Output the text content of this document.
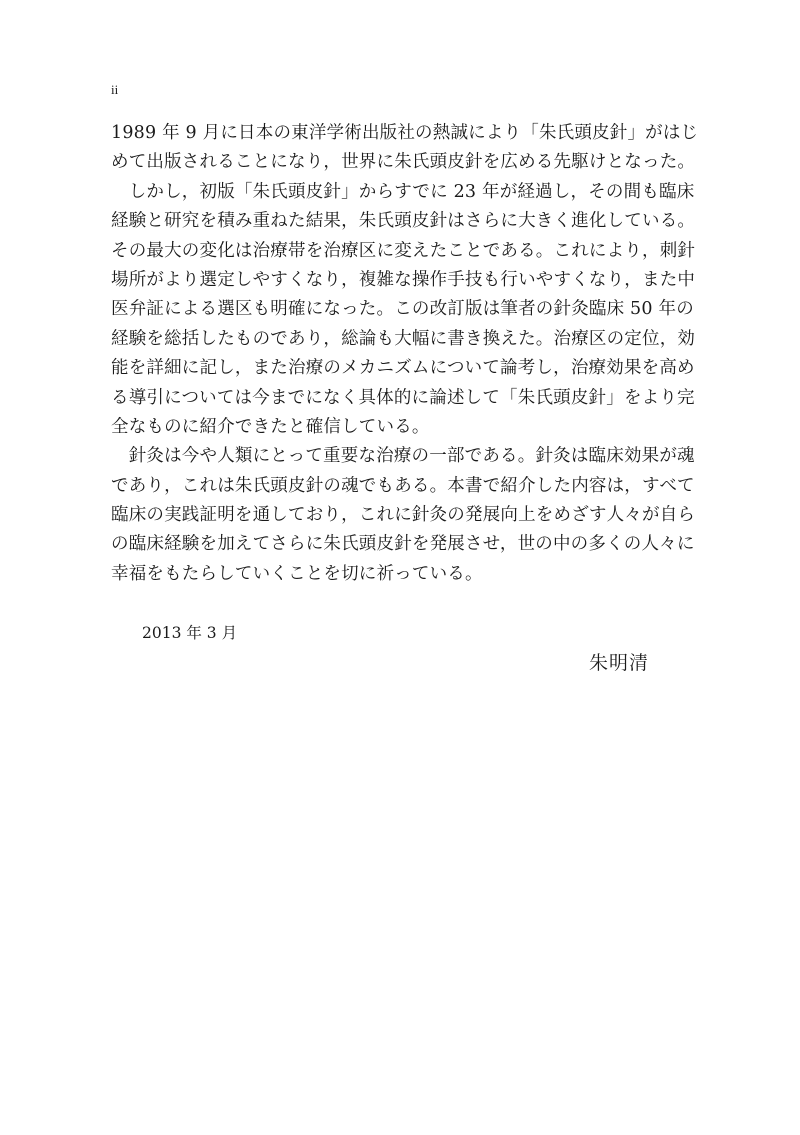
ii
1989 年 9 月に日本の東洋学術出版社の熱誠により「朱氏頭皮針」がはじ
めて出版されることになり，世界に朱氏頭皮針を広める先駆けとなった。
　しかし，初版「朱氏頭皮針」からすでに 23 年が経過し，その間も臨床
経験と研究を積み重ねた結果，朱氏頭皮針はさらに大きく進化している。
その最大の変化は治療帯を治療区に変えたことである。これにより，刺針
場所がより選定しやすくなり，複雑な操作手技も行いやすくなり，また中
医弁証による選区も明確になった。この改訂版は筆者の針灸臨床 50 年の
経験を総括したものであり，総論も大幅に書き換えた。治療区の定位，効
能を詳細に記し，また治療のメカニズムについて論考し，治療効果を高め
る導引については今までになく具体的に論述して「朱氏頭皮針」をより完
全なものに紹介できたと確信している。
　針灸は今や人類にとって重要な治療の一部である。針灸は臨床効果が魂
であり，これは朱氏頭皮針の魂でもある。本書で紹介した内容は，すべて
臨床の実践証明を通しており，これに針灸の発展向上をめざす人々が自ら
の臨床経験を加えてさらに朱氏頭皮針を発展させ，世の中の多くの人々に
幸福をもたらしていくことを切に祈っている。
2013 年 3 月
朱明清
